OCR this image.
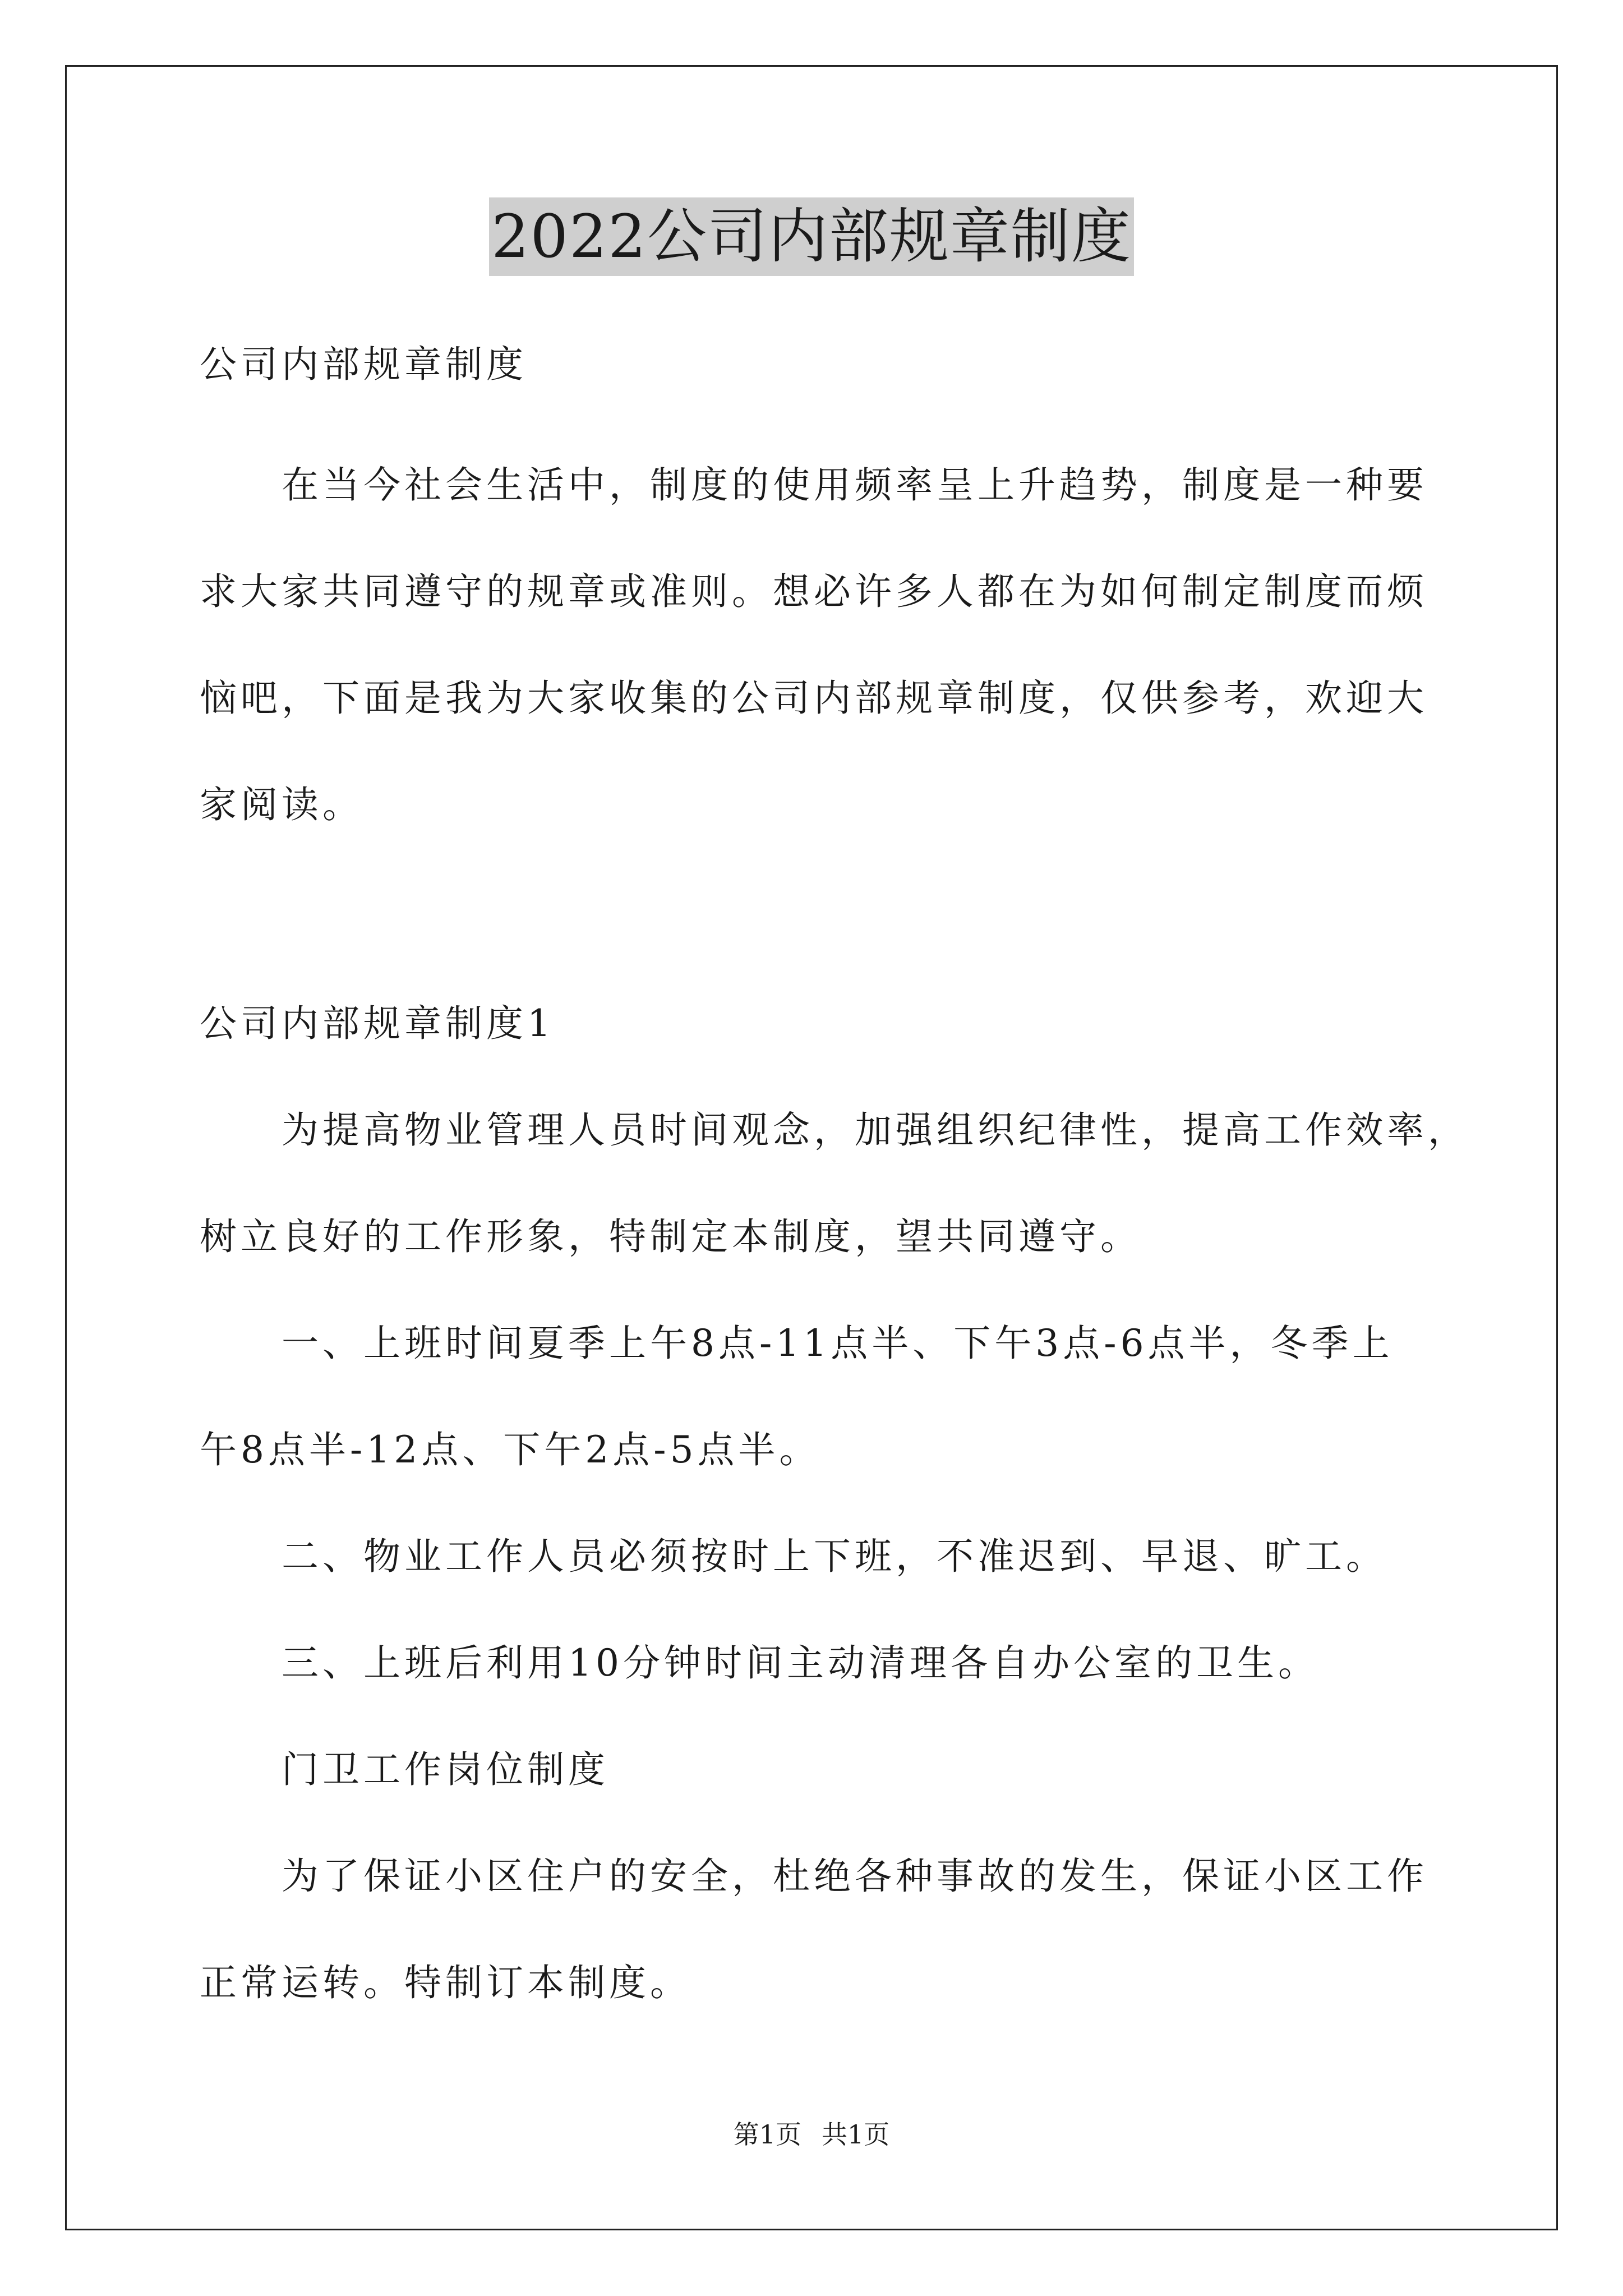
2022公司内部规章制度
公司内部规章制度
在当今社会生活中，制度的使用频率呈上升趋势，制度是一种要
求大家共同遵守的规章或准则。想必许多人都在为如何制定制度而烦
恼吧，下面是我为大家收集的公司内部规章制度，仅供参考，欢迎大
家阅读。
公司内部规章制度1
为提高物业管理人员时间观念，加强组织纪律性，提高工作效率，
树立良好的工作形象，特制定本制度，望共同遵守。
一、上班时间夏季上午8点-11点半、下午3点-6点半，冬季上
午8点半-12点、下午2点-5点半。
二、物业工作人员必须按时上下班，不准迟到、早退、旷工。
三、上班后利用10分钟时间主动清理各自办公室的卫生。
门卫工作岗位制度
为了保证小区住户的安全，杜绝各种事故的发生，保证小区工作
正常运转。特制订本制度。
第1页 共1页
